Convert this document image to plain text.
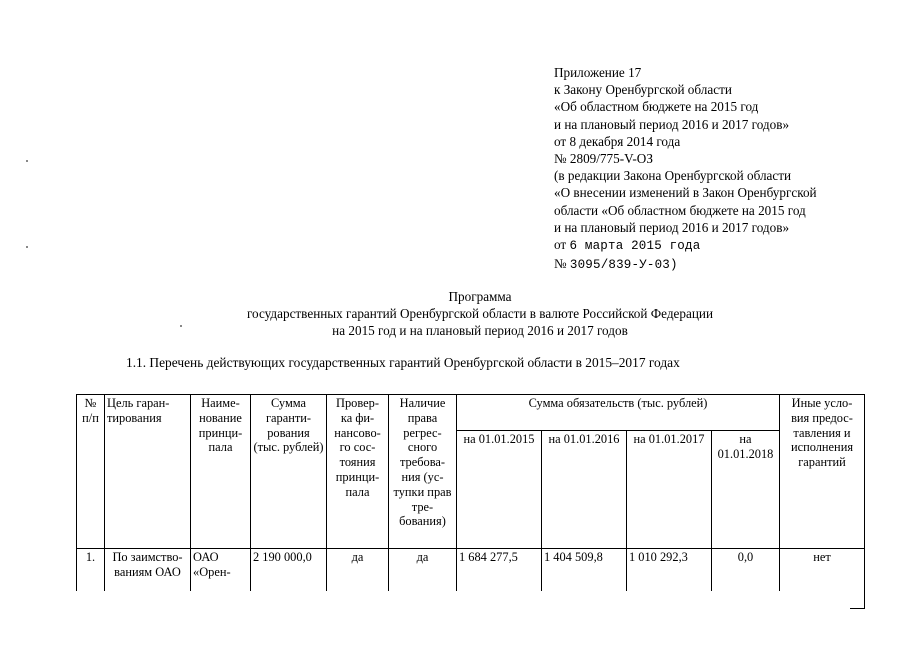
Приложение 17
к Закону Оренбургской области
«Об областном бюджете на 2015 год
и на плановый период 2016 и 2017 годов»
от 8 декабря 2014 года
№ 2809/775-V-ОЗ
(в редакции Закона Оренбургской области
«О внесении изменений в Закон Оренбургской
области «Об областном бюджете на 2015 год
и на плановый период 2016 и 2017 годов»
от 6 марта 2015 года
№ 3095/839-У-03)
Программа
государственных гарантий Оренбургской области в валюте Российской Федерации
на 2015 год и на плановый период 2016 и 2017 годов
1.1. Перечень действующих государственных гарантий Оренбургской области в 2015–2017 годах
№ п/п	Цель гаран- тирования	Наиме- нование принци- пала	Сумма гаранти- рования (тыс. рублей)	Провер- ка фи- нансово- го сос- тояния принци- пала	Наличие права регрес- сного требова- ния (ус- тупки прав тре- бования)	Сумма обязательств (тыс. рублей)				Иные усло- вия предос- тавления и исполнения гарантий
						на 01.01.2015	на 01.01.2016	на 01.01.2017	на 01.01.2018	
1.	По заимство- ваниям ОАО	ОАО «Орен-	2 190 000,0	да	да	1 684 277,5	1 404 509,8	1 010 292,3	0,0	нет
